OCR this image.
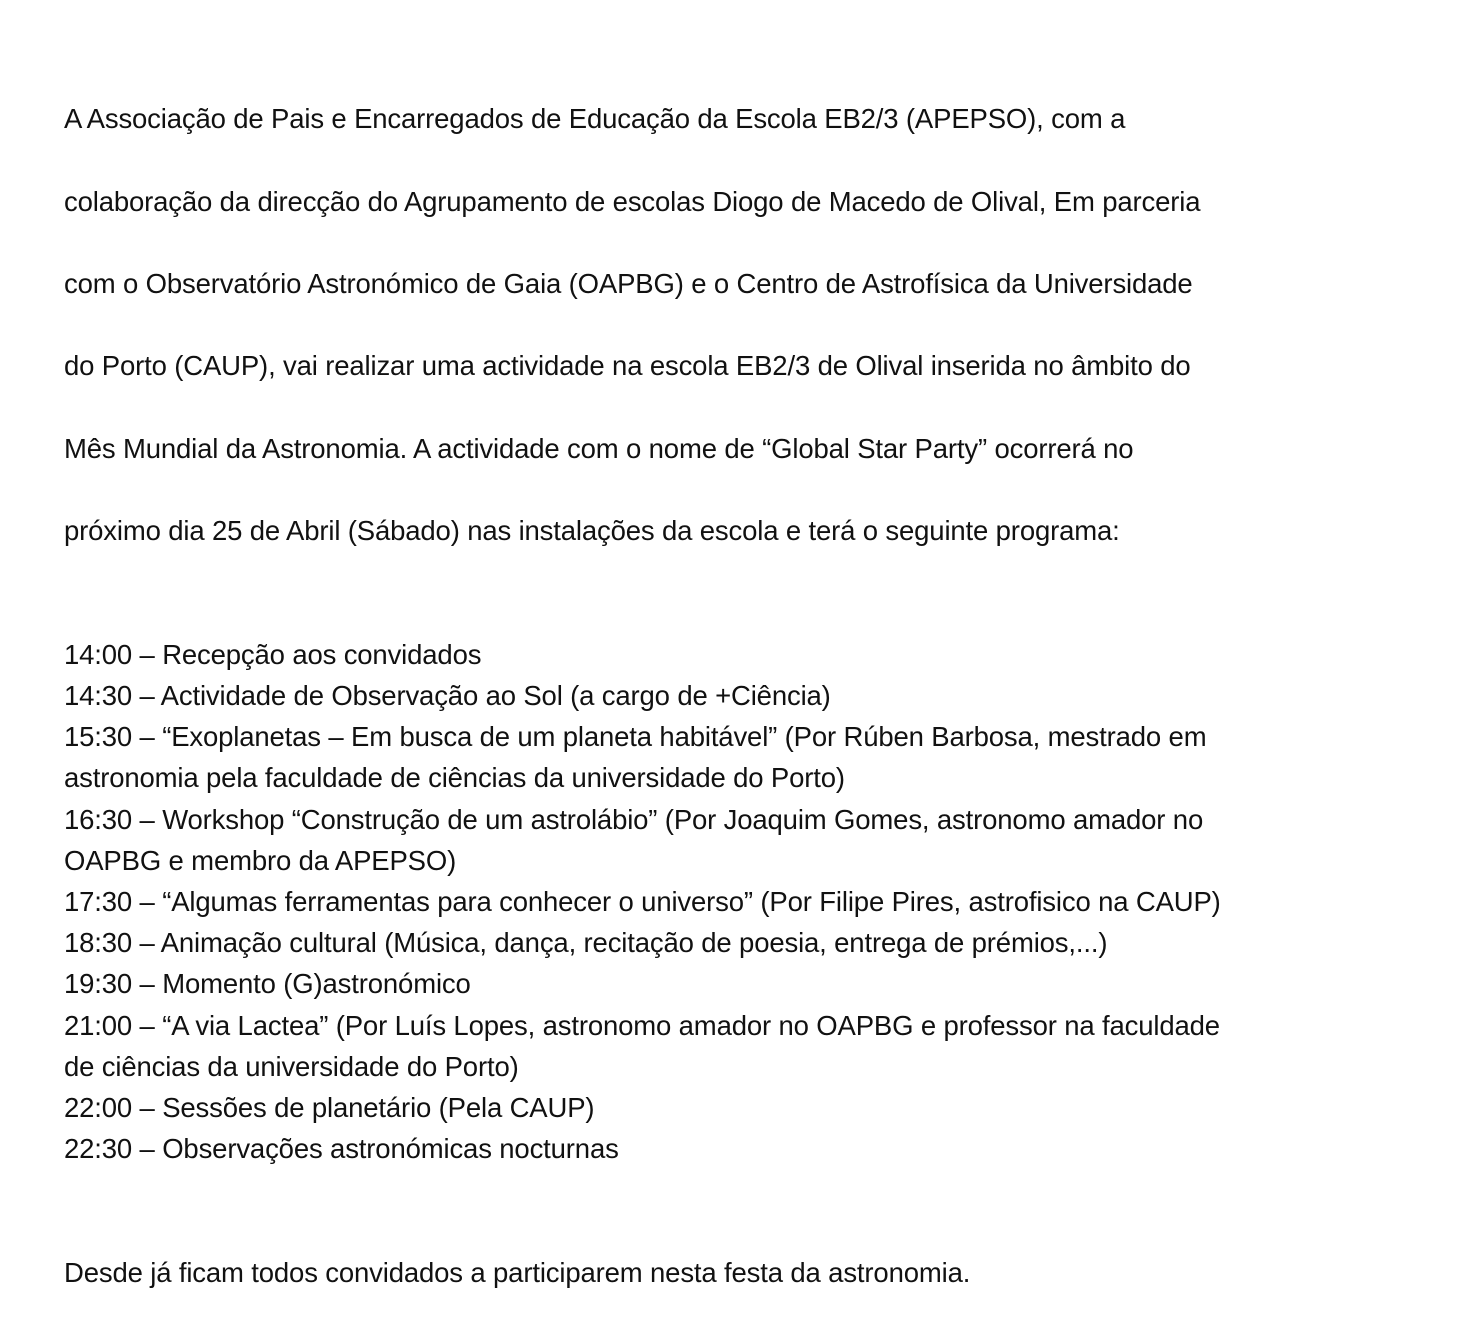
A Associação de Pais e Encarregados de Educação da Escola EB2/3 (APEPSO), com a

colaboração da direcção do Agrupamento de escolas Diogo de Macedo de Olival, Em parceria

com o Observatório Astronómico de Gaia (OAPBG) e o Centro de Astrofísica da Universidade

do Porto (CAUP), vai realizar uma actividade na escola EB2/3 de Olival inserida no âmbito do

Mês Mundial da Astronomia. A actividade com o nome de “Global Star Party” ocorrerá no

próximo dia 25 de Abril (Sábado) nas instalações da escola e terá o seguinte programa:

14:00 – Recepção aos convidados
14:30 – Actividade de Observação ao Sol (a cargo de +Ciência)
15:30 – “Exoplanetas – Em busca de um planeta habitável” (Por Rúben Barbosa, mestrado em
astronomia pela faculdade de ciências da universidade do Porto)
16:30 – Workshop “Construção de um astrolábio” (Por Joaquim Gomes, astronomo amador no
OAPBG e membro da APEPSO)
17:30 – “Algumas ferramentas para conhecer o universo” (Por Filipe Pires, astrofisico na CAUP)
18:30 – Animação cultural (Música, dança, recitação de poesia, entrega de prémios,...)
19:30 – Momento (G)astronómico
21:00 – “A via Lactea” (Por Luís Lopes, astronomo amador no OAPBG e professor na faculdade
de ciências da universidade do Porto)
22:00 – Sessões de planetário (Pela CAUP)
22:30 – Observações astronómicas nocturnas

Desde já ficam todos convidados a participarem nesta festa da astronomia.
